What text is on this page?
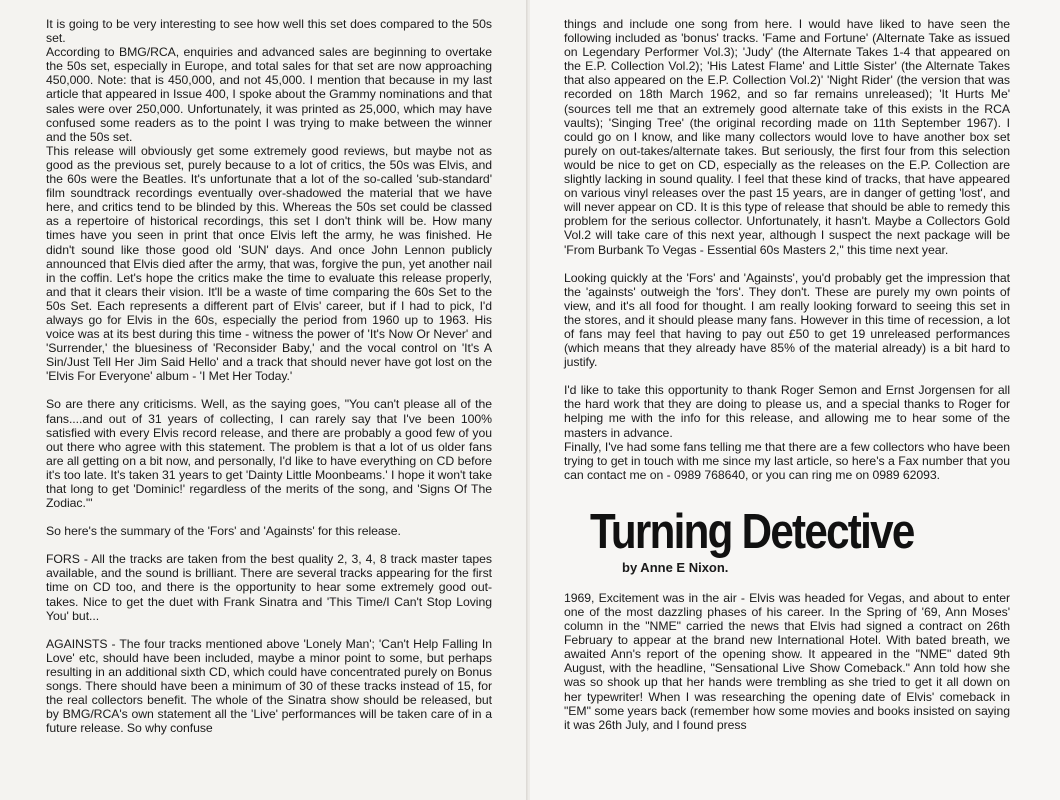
It is going to be very interesting to see how well this set does compared to the 50s set.

According to BMG/RCA, enquiries and advanced sales are beginning to overtake the 50s set, especially in Europe, and total sales for that set are now approaching 450,000. Note: that is 450,000, and not 45,000. I mention that because in my last article that appeared in Issue 400, I spoke about the Grammy nominations and that sales were over 250,000. Unfortunately, it was printed as 25,000, which may have confused some readers as to the point I was trying to make between the winner and the 50s set.

This release will obviously get some extremely good reviews, but maybe not as good as the previous set, purely because to a lot of critics, the 50s was Elvis, and the 60s were the Beatles. It's unfortunate that a lot of the so-called 'sub-standard' film soundtrack recordings eventually over-shadowed the material that we have here, and critics tend to be blinded by this. Whereas the 50s set could be classed as a repertoire of historical recordings, this set I don't think will be. How many times have you seen in print that once Elvis left the army, he was finished. He didn't sound like those good old 'SUN' days. And once John Lennon publicly announced that Elvis died after the army, that was, forgive the pun, yet another nail in the coffin. Let's hope the critics make the time to evaluate this release properly, and that it clears their vision. It'll be a waste of time comparing the 60s Set to the 50s Set. Each represents a different part of Elvis' career, but if I had to pick, I'd always go for Elvis in the 60s, especially the period from 1960 up to 1963. His voice was at its best during this time - witness the power of 'It's Now Or Never' and 'Surrender,' the bluesiness of 'Reconsider Baby,' and the vocal control on 'It's A Sin/Just Tell Her Jim Said Hello' and a track that should never have got lost on the 'Elvis For Everyone' album - 'I Met Her Today.'

So are there any criticisms. Well, as the saying goes, "You can't please all of the fans....and out of 31 years of collecting, I can rarely say that I've been 100% satisfied with every Elvis record release, and there are probably a good few of you out there who agree with this statement. The problem is that a lot of us older fans are all getting on a bit now, and personally, I'd like to have everything on CD before it's too late. It's taken 31 years to get 'Dainty Little Moonbeams.' I hope it won't take that long to get 'Dominic!' regardless of the merits of the song, and 'Signs Of The Zodiac.'"

So here's the summary of the 'Fors' and 'Againsts' for this release.

FORS - All the tracks are taken from the best quality 2, 3, 4, 8 track master tapes available, and the sound is brilliant. There are several tracks appearing for the first time on CD too, and there is the opportunity to hear some extremely good out-takes. Nice to get the duet with Frank Sinatra and 'This Time/I Can't Stop Loving You' but...

AGAINSTS - The four tracks mentioned above 'Lonely Man'; 'Can't Help Falling In Love' etc, should have been included, maybe a minor point to some, but perhaps resulting in an additional sixth CD, which could have concentrated purely on Bonus songs. There should have been a minimum of 30 of these tracks instead of 15, for the real collectors benefit. The whole of the Sinatra show should be released, but by BMG/RCA's own statement all the 'Live' performances will be taken care of in a future release. So why confuse

things and include one song from here. I would have liked to have seen the following included as 'bonus' tracks. 'Fame and Fortune' (Alternate Take as issued on Legendary Performer Vol.3); 'Judy' (the Alternate Takes 1-4 that appeared on the E.P. Collection Vol.2); 'His Latest Flame' and Little Sister' (the Alternate Takes that also appeared on the E.P. Collection Vol.2)' 'Night Rider' (the version that was recorded on 18th March 1962, and so far remains unreleased); 'It Hurts Me' (sources tell me that an extremely good alternate take of this exists in the RCA vaults); 'Singing Tree' (the original recording made on 11th September 1967). I could go on I know, and like many collectors would love to have another box set purely on out-takes/alternate takes. But seriously, the first four from this selection would be nice to get on CD, especially as the releases on the E.P. Collection are slightly lacking in sound quality. I feel that these kind of tracks, that have appeared on various vinyl releases over the past 15 years, are in danger of getting 'lost', and will never appear on CD. It is this type of release that should be able to remedy this problem for the serious collector. Unfortunately, it hasn't. Maybe a Collectors Gold Vol.2 will take care of this next year, although I suspect the next package will be 'From Burbank To Vegas - Essential 60s Masters 2," this time next year.

Looking quickly at the 'Fors' and 'Againsts', you'd probably get the impression that the 'againsts' outweigh the 'fors'. They don't. These are purely my own points of view, and it's all food for thought. I am really looking forward to seeing this set in the stores, and it should please many fans. However in this time of recession, a lot of fans may feel that having to pay out £50 to get 19 unreleased performances (which means that they already have 85% of the material already) is a bit hard to justify.

I'd like to take this opportunity to thank Roger Semon and Ernst Jorgensen for all the hard work that they are doing to please us, and a special thanks to Roger for helping me with the info for this release, and allowing me to hear some of the masters in advance.

Finally, I've had some fans telling me that there are a few collectors who have been trying to get in touch with me since my last article, so here's a Fax number that you can contact me on - 0989 768640, or you can ring me on 0989 62093.

Turning Detective
by Anne E Nixon.

1969, Excitement was in the air - Elvis was headed for Vegas, and about to enter one of the most dazzling phases of his career. In the Spring of '69, Ann Moses' column in the "NME" carried the news that Elvis had signed a contract on 26th February to appear at the brand new International Hotel. With bated breath, we awaited Ann's report of the opening show. It appeared in the "NME" dated 9th August, with the headline, "Sensational Live Show Comeback." Ann told how she was so shook up that her hands were trembling as she tried to get it all down on her typewriter! When I was researching the opening date of Elvis' comeback in "EM" some years back (remember how some movies and books insisted on saying it was 26th July, and I found press
